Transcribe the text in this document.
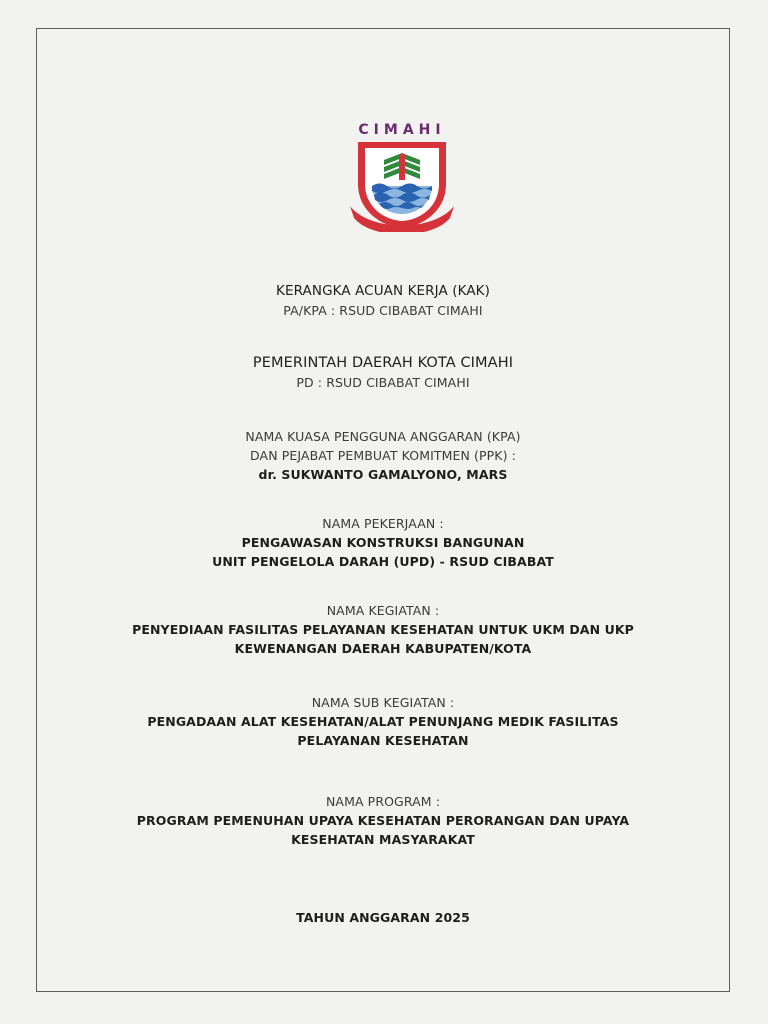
CIMAHI
KERANGKA ACUAN KERJA (KAK)
PA/KPA : RSUD CIBABAT CIMAHI
PEMERINTAH DAERAH KOTA CIMAHI
PD : RSUD CIBABAT CIMAHI
NAMA KUASA PENGGUNA ANGGARAN (KPA)
DAN PEJABAT PEMBUAT KOMITMEN (PPK) :
dr. SUKWANTO GAMALYONO, MARS
NAMA PEKERJAAN :
PENGAWASAN KONSTRUKSI BANGUNAN
UNIT PENGELOLA DARAH (UPD) - RSUD CIBABAT
NAMA KEGIATAN :
PENYEDIAAN FASILITAS PELAYANAN KESEHATAN UNTUK UKM DAN UKP
KEWENANGAN DAERAH KABUPATEN/KOTA
NAMA SUB KEGIATAN :
PENGADAAN ALAT KESEHATAN/ALAT PENUNJANG MEDIK FASILITAS
PELAYANAN KESEHATAN
NAMA PROGRAM :
PROGRAM PEMENUHAN UPAYA KESEHATAN PERORANGAN DAN UPAYA
KESEHATAN MASYARAKAT
TAHUN ANGGARAN 2025
